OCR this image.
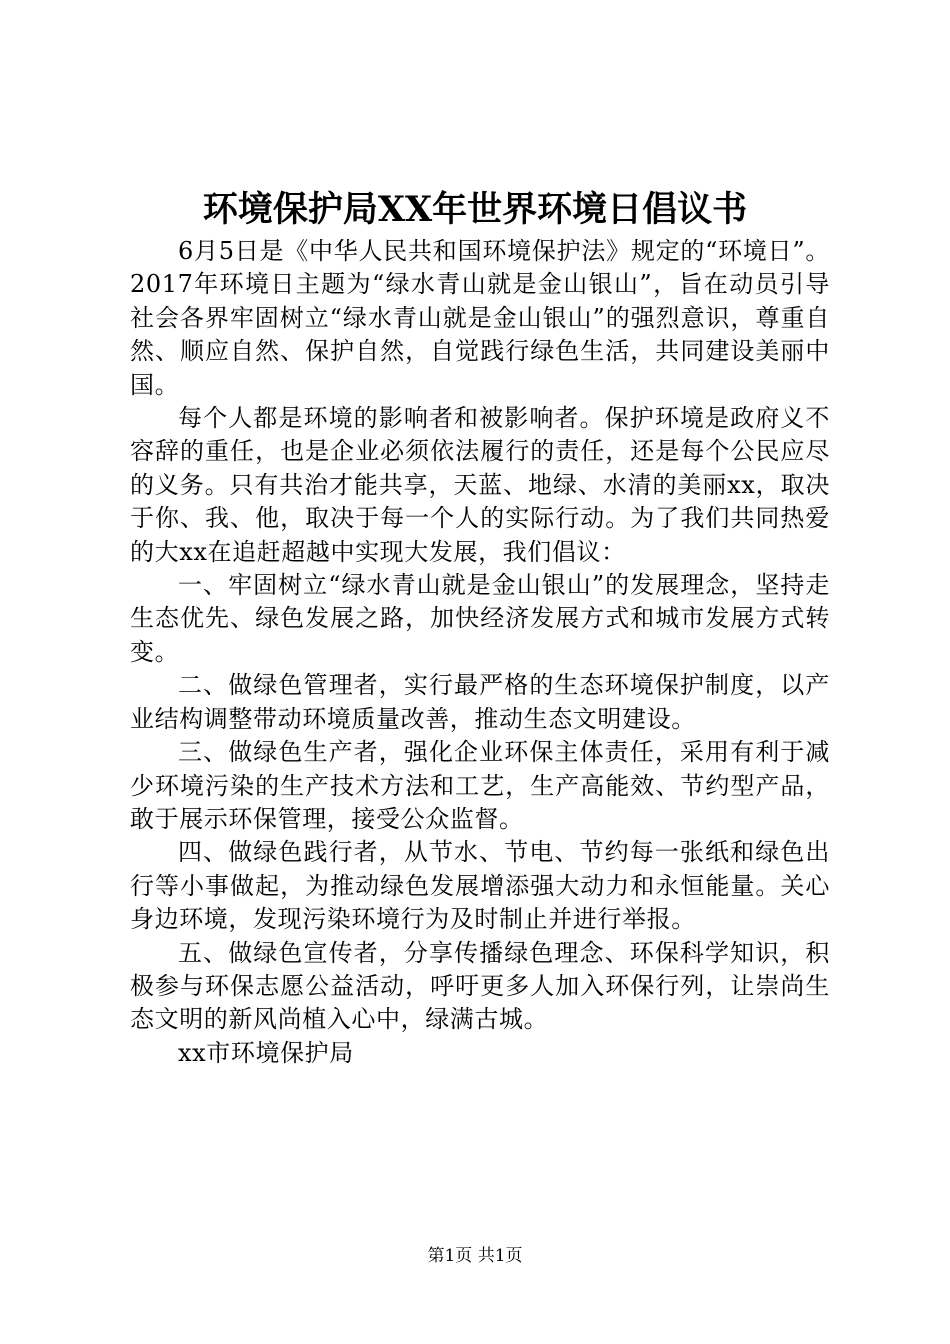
环境保护局XX年世界环境日倡议书

6月5日是《中华人民共和国环境保护法》规定的“环境日”。2017年环境日主题为“绿水青山就是金山银山”，旨在动员引导社会各界牢固树立“绿水青山就是金山银山”的强烈意识，尊重自然、顺应自然、保护自然，自觉践行绿色生活，共同建设美丽中国。

每个人都是环境的影响者和被影响者。保护环境是政府义不容辞的重任，也是企业必须依法履行的责任，还是每个公民应尽的义务。只有共治才能共享，天蓝、地绿、水清的美丽xx，取决于你、我、他，取决于每一个人的实际行动。为了我们共同热爱的大xx在追赶超越中实现大发展，我们倡议：

一、牢固树立“绿水青山就是金山银山”的发展理念，坚持走生态优先、绿色发展之路，加快经济发展方式和城市发展方式转变。

二、做绿色管理者，实行最严格的生态环境保护制度，以产业结构调整带动环境质量改善，推动生态文明建设。

三、做绿色生产者，强化企业环保主体责任，采用有利于减少环境污染的生产技术方法和工艺，生产高能效、节约型产品，敢于展示环保管理，接受公众监督。

四、做绿色践行者，从节水、节电、节约每一张纸和绿色出行等小事做起，为推动绿色发展增添强大动力和永恒能量。关心身边环境，发现污染环境行为及时制止并进行举报。

五、做绿色宣传者，分享传播绿色理念、环保科学知识，积极参与环保志愿公益活动，呼吁更多人加入环保行列，让崇尚生态文明的新风尚植入心中，绿满古城。

xx市环境保护局

第1页 共1页
